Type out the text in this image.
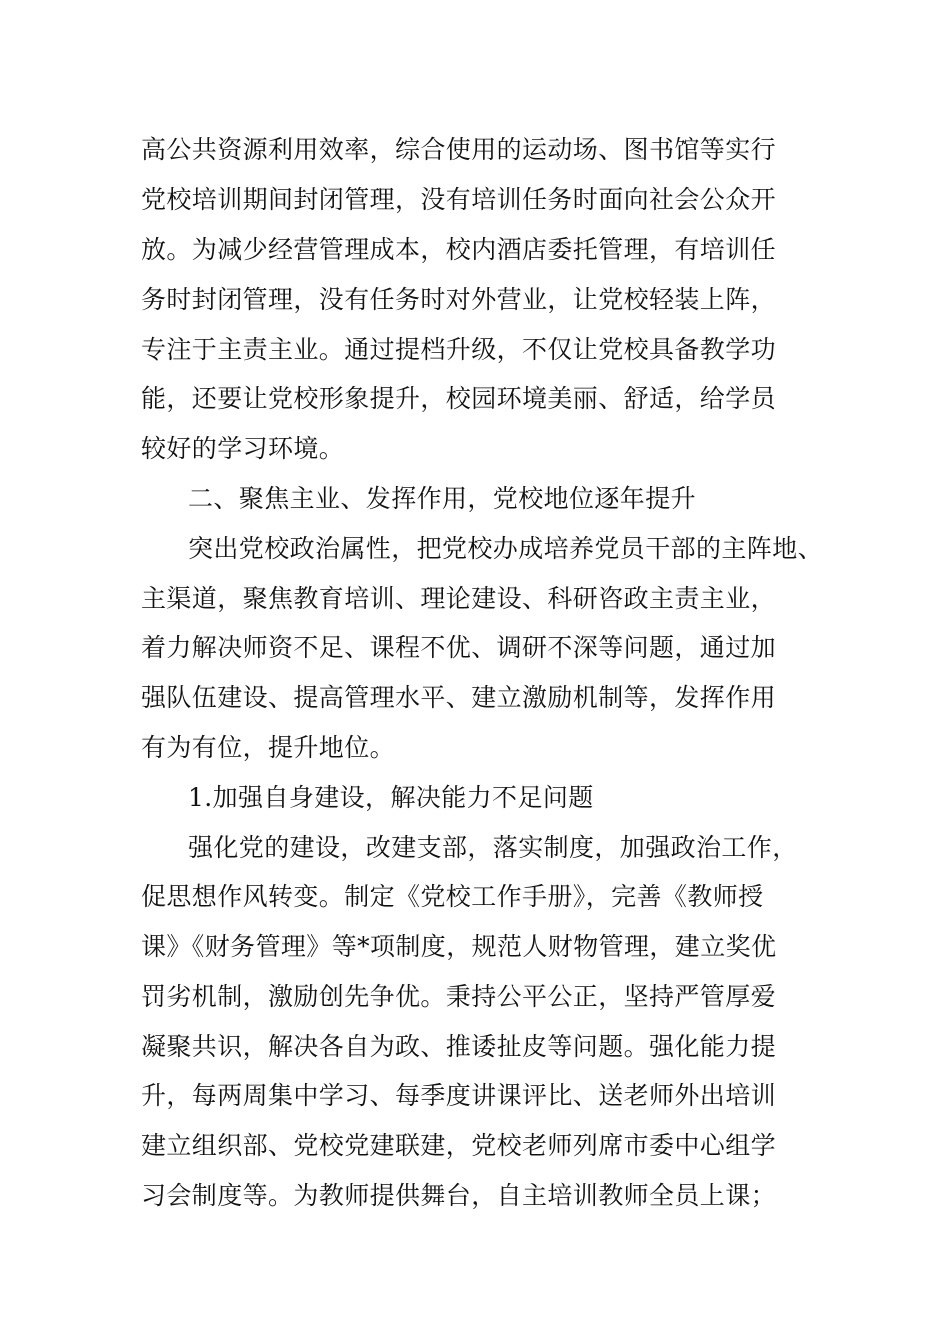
高公共资源利用效率，综合使用的运动场、图书馆等实行
党校培训期间封闭管理，没有培训任务时面向社会公众开
放。为减少经营管理成本，校内酒店委托管理，有培训任
务时封闭管理，没有任务时对外营业，让党校轻装上阵，
专注于主责主业。通过提档升级，不仅让党校具备教学功
能，还要让党校形象提升，校园环境美丽、舒适，给学员
较好的学习环境。
二、聚焦主业、发挥作用，党校地位逐年提升
突出党校政治属性，把党校办成培养党员干部的主阵地、
主渠道，聚焦教育培训、理论建设、科研咨政主责主业，
着力解决师资不足、课程不优、调研不深等问题，通过加
强队伍建设、提高管理水平、建立激励机制等，发挥作用
有为有位，提升地位。
1.加强自身建设，解决能力不足问题
强化党的建设，改建支部，落实制度，加强政治工作，
促思想作风转变。制定《党校工作手册》，完善《教师授
课》《财务管理》等*项制度，规范人财物管理，建立奖优
罚劣机制，激励创先争优。秉持公平公正，坚持严管厚爱
凝聚共识，解决各自为政、推诿扯皮等问题。强化能力提
升，每两周集中学习、每季度讲课评比、送老师外出培训
建立组织部、党校党建联建，党校老师列席市委中心组学
习会制度等。为教师提供舞台，自主培训教师全员上课；
